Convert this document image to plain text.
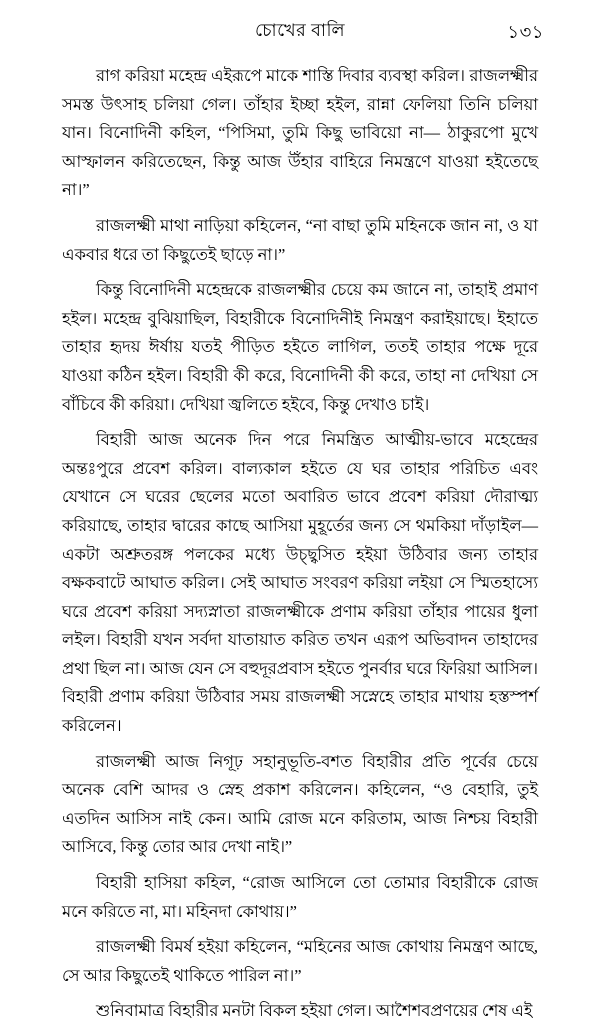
চোখের বালি	১৩১

রাগ করিয়া মহেন্দ্র এইরূপে মাকে শাস্তি দিবার ব্যবস্থা করিল। রাজলক্ষ্মীর সমস্ত উৎসাহ চলিয়া গেল। তাঁহার ইচ্ছা হইল, রান্না ফেলিয়া তিনি চলিয়া যান। বিনোদিনী কহিল, “পিসিমা, তুমি কিছু ভাবিয়ো না— ঠাকুরপো মুখে আস্ফালন করিতেছেন, কিন্তু আজ উঁহার বাহিরে নিমন্ত্রণে যাওয়া হইতেছে না।”

রাজলক্ষ্মী মাথা নাড়িয়া কহিলেন, “না বাছা তুমি মহিনকে জান না, ও যা একবার ধরে তা কিছুতেই ছাড়ে না।”

কিন্তু বিনোদিনী মহেন্দ্রকে রাজলক্ষ্মীর চেয়ে কম জানে না, তাহাই প্রমাণ হইল। মহেন্দ্র বুঝিয়াছিল, বিহারীকে বিনোদিনীই নিমন্ত্রণ করাইয়াছে। ইহাতে তাহার হৃদয় ঈর্ষায় যতই পীড়িত হইতে লাগিল, ততই তাহার পক্ষে দূরে যাওয়া কঠিন হইল। বিহারী কী করে, বিনোদিনী কী করে, তাহা না দেখিয়া সে বাঁচিবে কী করিয়া। দেখিয়া জ্বলিতে হইবে, কিন্তু দেখাও চাই।

বিহারী আজ অনেক দিন পরে নিমন্ত্রিত আত্মীয়-ভাবে মহেন্দ্রের অন্তঃপুরে প্রবেশ করিল। বাল্যকাল হইতে যে ঘর তাহার পরিচিত এবং যেখানে সে ঘরের ছেলের মতো অবারিত ভাবে প্রবেশ করিয়া দৌরাত্ম্য করিয়াছে, তাহার দ্বারের কাছে আসিয়া মুহূর্তের জন্য সে থমকিয়া দাঁড়াইল— একটা অশ্রুতরঙ্গ পলকের মধ্যে উচ্ছ্বসিত হইয়া উঠিবার জন্য তাহার বক্ষকবাটে আঘাত করিল। সেই আঘাত সংবরণ করিয়া লইয়া সে স্মিতহাস্যে ঘরে প্রবেশ করিয়া সদ্যস্নাতা রাজলক্ষ্মীকে প্রণাম করিয়া তাঁহার পায়ের ধুলা লইল। বিহারী যখন সর্বদা যাতায়াত করিত তখন এরূপ অভিবাদন তাহাদের প্রথা ছিল না। আজ যেন সে বহুদূরপ্রবাস হইতে পুনর্বার ঘরে ফিরিয়া আসিল। বিহারী প্রণাম করিয়া উঠিবার সময় রাজলক্ষ্মী সস্নেহে তাহার মাথায় হস্তস্পর্শ করিলেন।

রাজলক্ষ্মী আজ নিগূঢ় সহানুভূতি-বশত বিহারীর প্রতি পূর্বের চেয়ে অনেক বেশি আদর ও স্নেহ প্রকাশ করিলেন। কহিলেন, “ও বেহারি, তুই এতদিন আসিস নাই কেন। আমি রোজ মনে করিতাম, আজ নিশ্চয় বিহারী আসিবে, কিন্তু তোর আর দেখা নাই।”

বিহারী হাসিয়া কহিল, “রোজ আসিলে তো তোমার বিহারীকে রোজ মনে করিতে না, মা। মহিনদা কোথায়।”

রাজলক্ষ্মী বিমর্ষ হইয়া কহিলেন, “মহিনের আজ কোথায় নিমন্ত্রণ আছে, সে আর কিছুতেই থাকিতে পারিল না।”

শুনিবামাত্র বিহারীর মনটা বিকল হইয়া গেল। আশৈশবপ্রণয়ের শেষ এই
